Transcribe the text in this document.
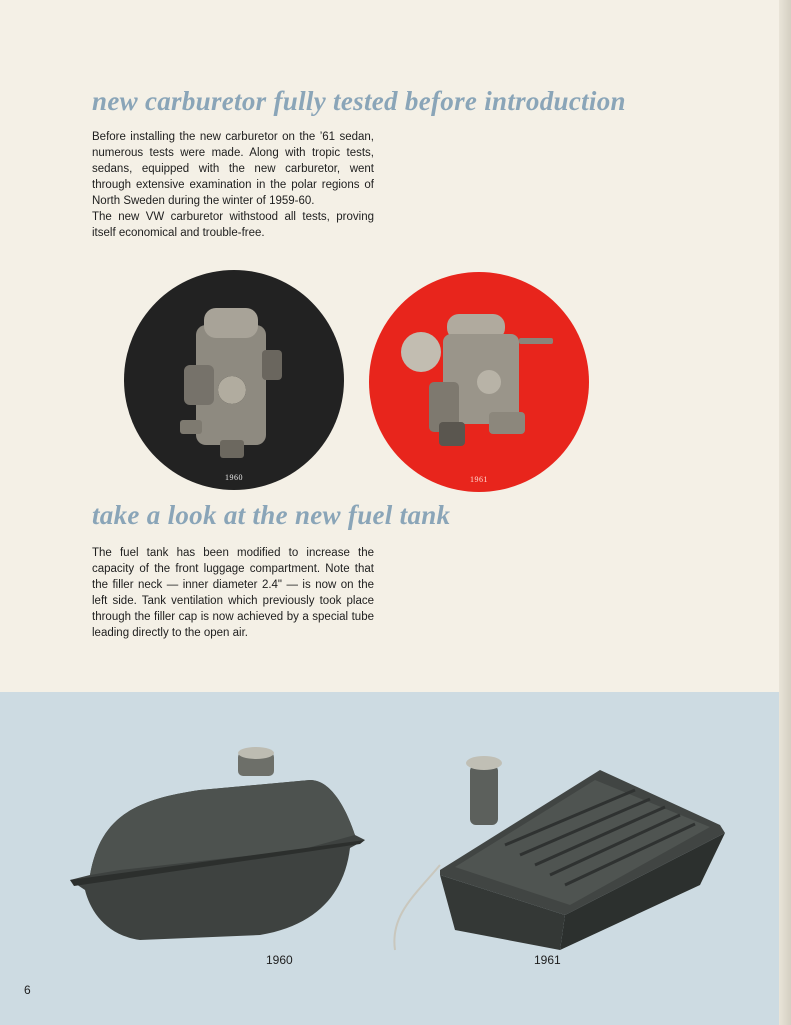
new carburetor fully tested before introduction

Before installing the new carburetor on the ’61 sedan, numerous tests were made. Along with tropic tests, sedans, equipped with the new carburetor, went through extensive examination in the polar regions of North Sweden during the winter of 1959-60.
The new VW carburetor withstood all tests, proving itself economical and trouble-free.

1960	1961
take a look at the new fuel tank

The fuel tank has been modified to increase the capacity of the front luggage compartment. Note that the filler neck — inner diameter 2.4" — is now on the left side. Tank ventilation which previously took place through the filler cap is now achieved by a special tube leading directly to the open air.

1960	1961
6
